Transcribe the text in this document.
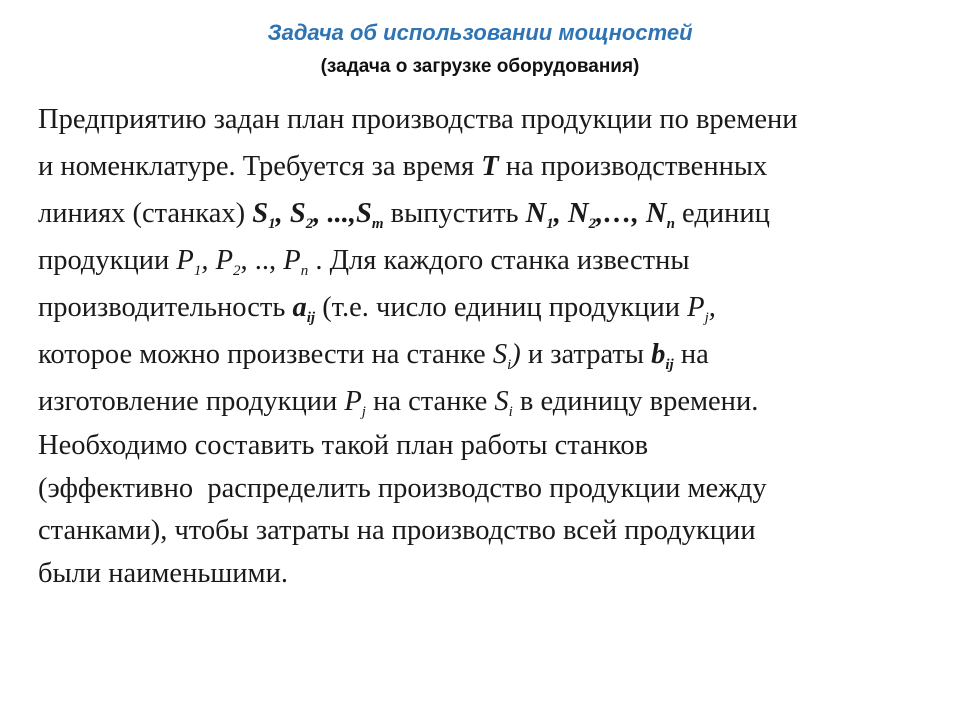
Задача об использовании мощностей
(задача о загрузке оборудования)
Предприятию задан план производства продукции по времени
и номенклатуре. Требуется за время T на производственных
линиях (станках) $S_1$, $S_2$, $...,S_m$ выпустить $N_1$, $N_2,\dots$, $N_n$ единиц
продукции $P_1$, $P_2$, .., $P_n$ . Для каждого станка известны
производительность $a_{ij}$ (т.е. число единиц продукции $P_j$,
которое можно произвести на станке $S_i$) и затраты $b_{ij}$ на
изготовление продукции $P_j$ на станке $S_i$ в единицу времени.
Необходимо составить такой план работы станков
(эффективно  распределить производство продукции между
станками), чтобы затраты на производство всей продукции
были наименьшими.
